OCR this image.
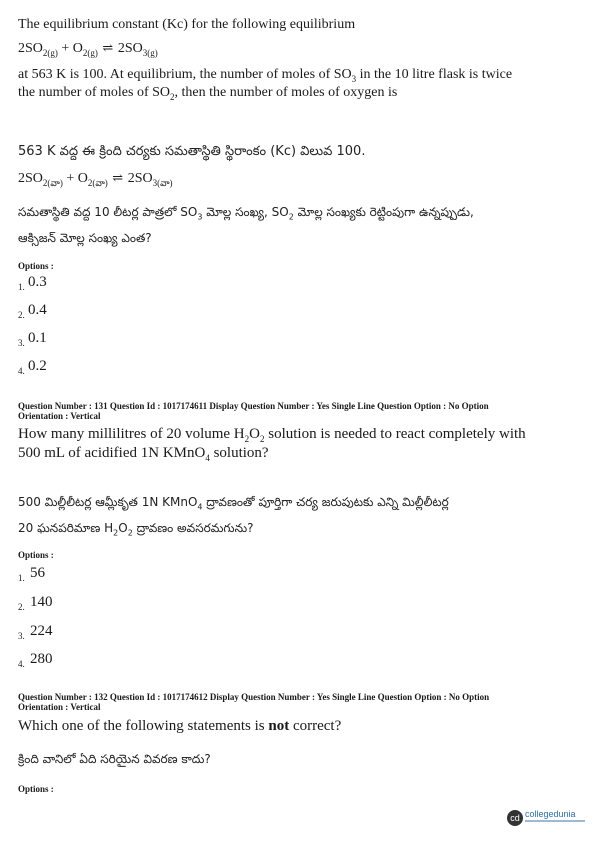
The equilibrium constant (Kc) for the following equilibrium
$2SO_{2(g)} + O_{2(g)}$ ⇌ $2SO_{3(g)}$
at 563 K is 100. At equilibrium, the number of moles of $SO_3$ in the 10 litre flask is twice
the number of moles of $SO_2$, then the number of moles of oxygen is
563 K వద్ద ఈ క్రింది చర్యకు సమతాస్థితి స్థిరాంకం (Kc) విలువ 100.
$2SO_{2(వా)} + O_{2(వా)}$ ⇌ $2SO_{3(వా)}$
సమతాస్థితి వద్ద 10 లీటర్ల పాత్రలో $SO_3$ మోల్ల సంఖ్య, $SO_2$ మోల్ల సంఖ్యకు రెట్టింపుగా ఉన్నప్పుడు,
ఆక్సిజన్ మోల్ల సంఖ్య ఎంత?
Options :
1. 0.3
2. 0.4
3. 0.1
4. 0.2
Question Number : 131 Question Id : 1017174611 Display Question Number : Yes Single Line Question Option : No Option
Orientation : Vertical
How many millilitres of 20 volume $H_2O_2$ solution is needed to react completely with
500 mL of acidified 1N KMnO$_4$ solution?
500 మిల్లీలీటర్ల ఆమ్లీకృత 1N KMnO$_4$ ద్రావణంతో పూర్తిగా చర్య జరుపుటకు ఎన్ని మిల్లీలీటర్ల
20 ఘనపరిమాణ $H_2O_2$ ద్రావణం అవసరమగును?
Options :
1. 56
2. 140
3. 224
4. 280
Question Number : 132 Question Id : 1017174612 Display Question Number : Yes Single Line Question Option : No Option
Orientation : Vertical
Which one of the following statements is not correct?
క్రింది వానిలో ఏది సరియైన వివరణ కాదు?
Options :
cd collegedunia
